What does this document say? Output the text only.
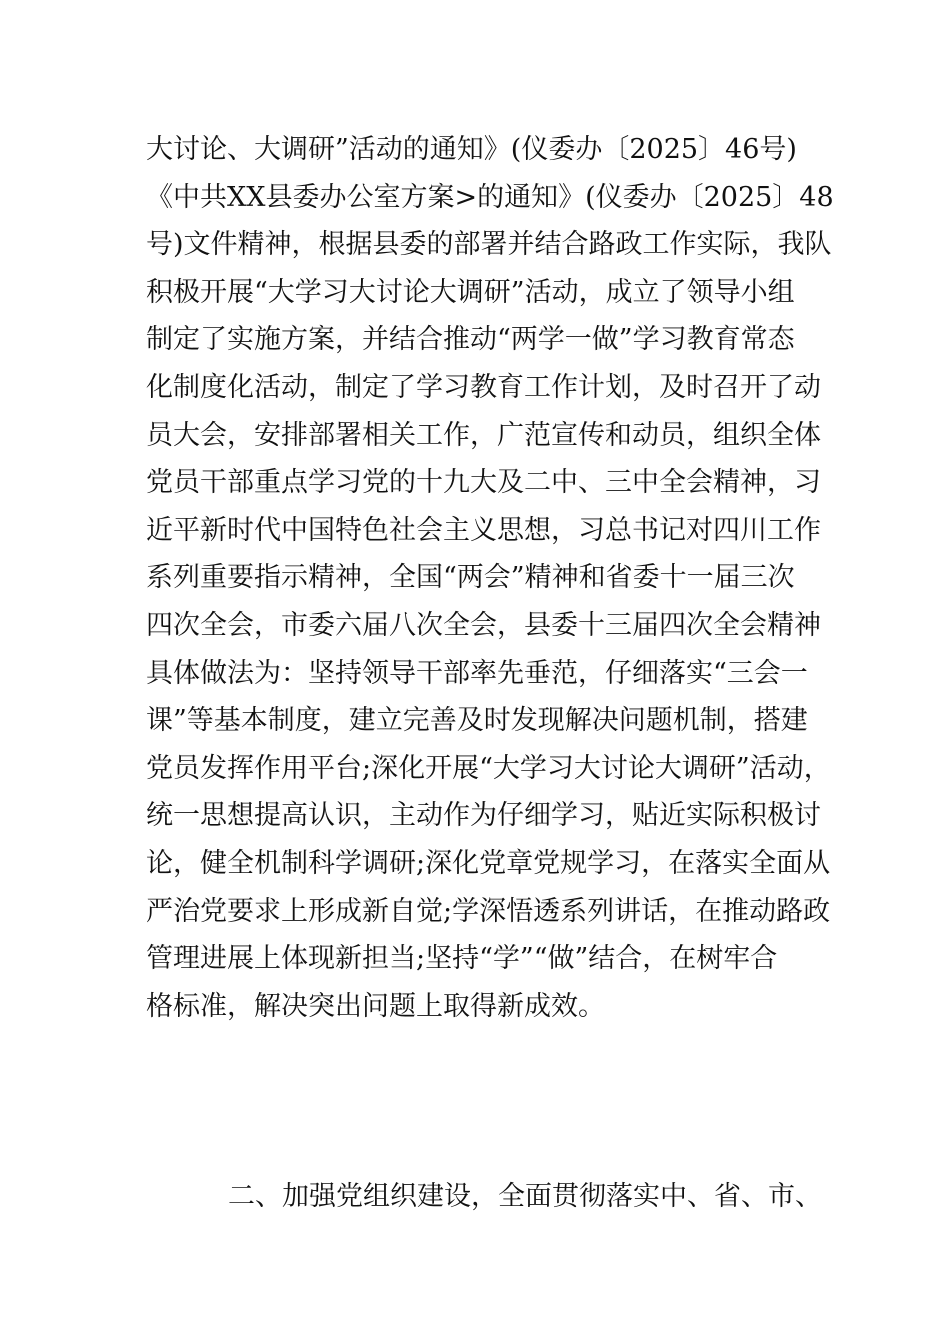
大讨论、大调研”活动的通知》(仪委办〔2025〕46号)
《中共XX县委办公室方案>的通知》(仪委办〔2025〕48
号)文件精神，根据县委的部署并结合路政工作实际，我队
积极开展“大学习大讨论大调研”活动，成立了领导小组
制定了实施方案，并结合推动“两学一做”学习教育常态
化制度化活动，制定了学习教育工作计划，及时召开了动
员大会，安排部署相关工作，广范宣传和动员，组织全体
党员干部重点学习党的十九大及二中、三中全会精神，习
近平新时代中国特色社会主义思想，习总书记对四川工作
系列重要指示精神，全国“两会”精神和省委十一届三次
四次全会，市委六届八次全会，县委十三届四次全会精神
具体做法为：坚持领导干部率先垂范，仔细落实“三会一
课”等基本制度，建立完善及时发现解决问题机制，搭建
党员发挥作用平台;深化开展“大学习大讨论大调研”活动，
统一思想提高认识，主动作为仔细学习，贴近实际积极讨
论，健全机制科学调研;深化党章党规学习，在落实全面从
严治党要求上形成新自觉;学深悟透系列讲话，在推动路政
管理进展上体现新担当;坚持“学”“做”结合，在树牢合
格标准，解决突出问题上取得新成效。

二、加强党组织建设，全面贯彻落实中、省、市、
